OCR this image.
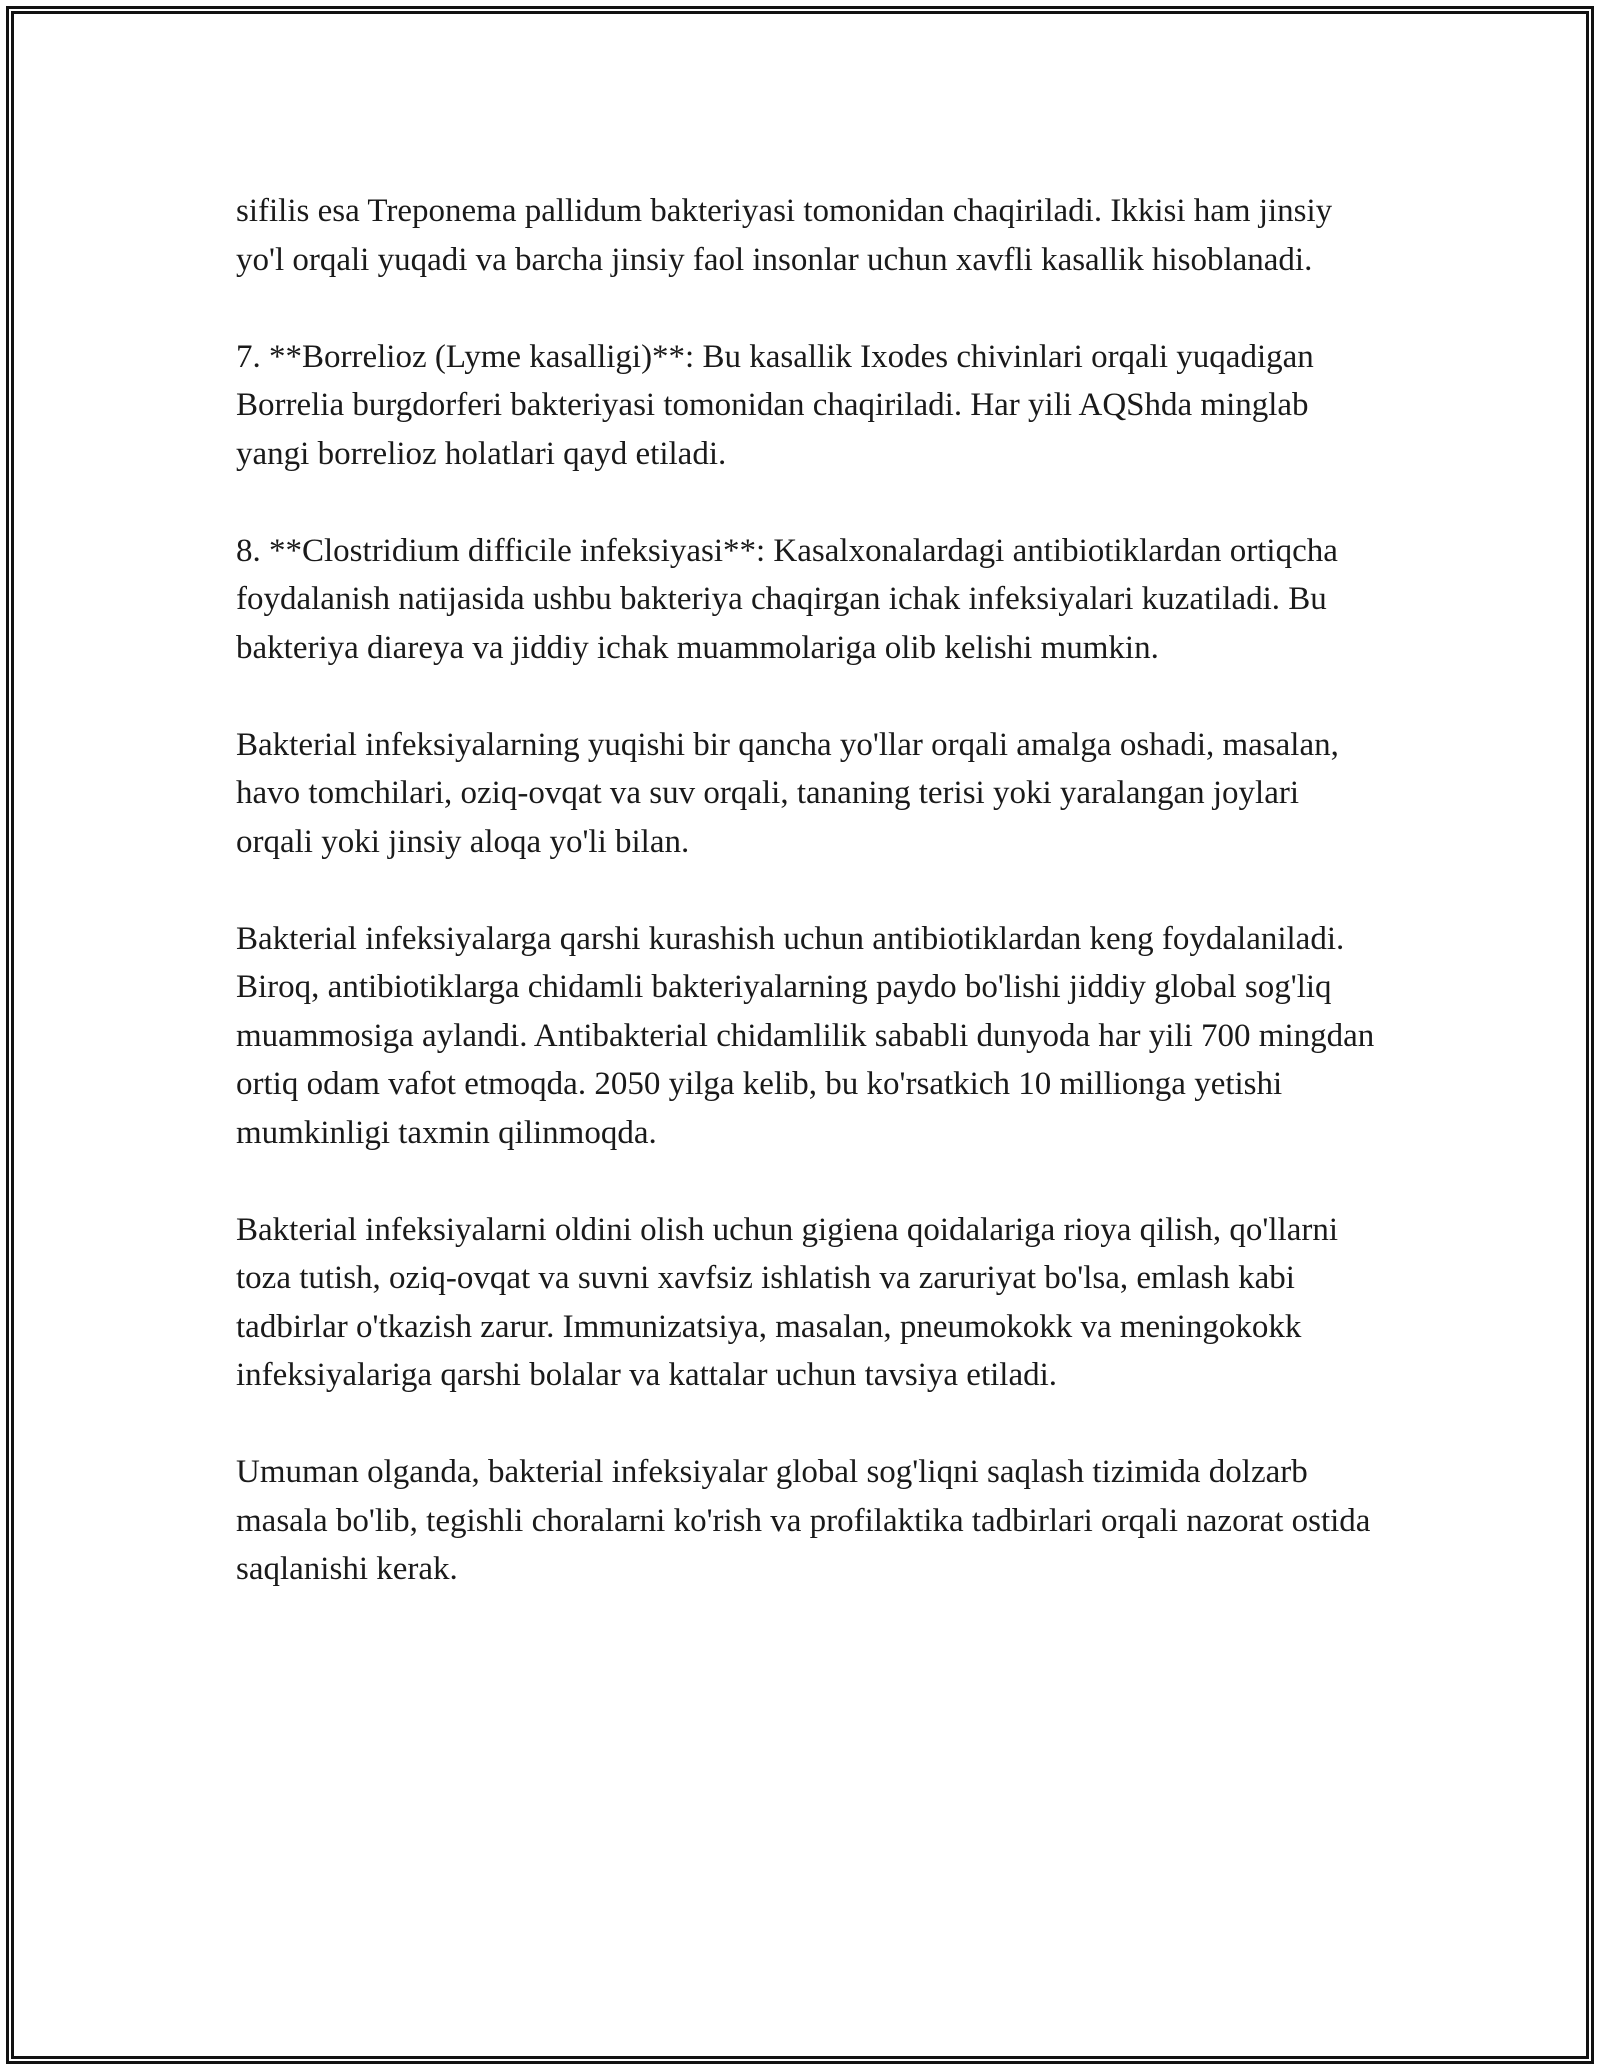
sifilis esa Treponema pallidum bakteriyasi tomonidan chaqiriladi. Ikkisi ham jinsiy yo'l orqali yuqadi va barcha jinsiy faol insonlar uchun xavfli kasallik hisoblanadi.

7. **Borrelioz (Lyme kasalligi)**: Bu kasallik Ixodes chivinlari orqali yuqadigan Borrelia burgdorferi bakteriyasi tomonidan chaqiriladi. Har yili AQShda minglab yangi borrelioz holatlari qayd etiladi.

8. **Clostridium difficile infeksiyasi**: Kasalxonalardagi antibiotiklardan ortiqcha foydalanish natijasida ushbu bakteriya chaqirgan ichak infeksiyalari kuzatiladi. Bu bakteriya diareya va jiddiy ichak muammolariga olib kelishi mumkin.

Bakterial infeksiyalarning yuqishi bir qancha yo'llar orqali amalga oshadi, masalan, havo tomchilari, oziq-ovqat va suv orqali, tananing terisi yoki yaralangan joylari orqali yoki jinsiy aloqa yo'li bilan.

Bakterial infeksiyalarga qarshi kurashish uchun antibiotiklardan keng foydalaniladi. Biroq, antibiotiklarga chidamli bakteriyalarning paydo bo'lishi jiddiy global sog'liq muammosiga aylandi. Antibakterial chidamlilik sababli dunyoda har yili 700 mingdan ortiq odam vafot etmoqda. 2050 yilga kelib, bu ko'rsatkich 10 millionga yetishi mumkinligi taxmin qilinmoqda.

Bakterial infeksiyalarni oldini olish uchun gigiena qoidalariga rioya qilish, qo'llarni toza tutish, oziq-ovqat va suvni xavfsiz ishlatish va zaruriyat bo'lsa, emlash kabi tadbirlar o'tkazish zarur. Immunizatsiya, masalan, pneumokokk va meningokokk infeksiyalariga qarshi bolalar va kattalar uchun tavsiya etiladi.

Umuman olganda, bakterial infeksiyalar global sog'liqni saqlash tizimida dolzarb masala bo'lib, tegishli choralarni ko'rish va profilaktika tadbirlari orqali nazorat ostida saqlanishi kerak.
